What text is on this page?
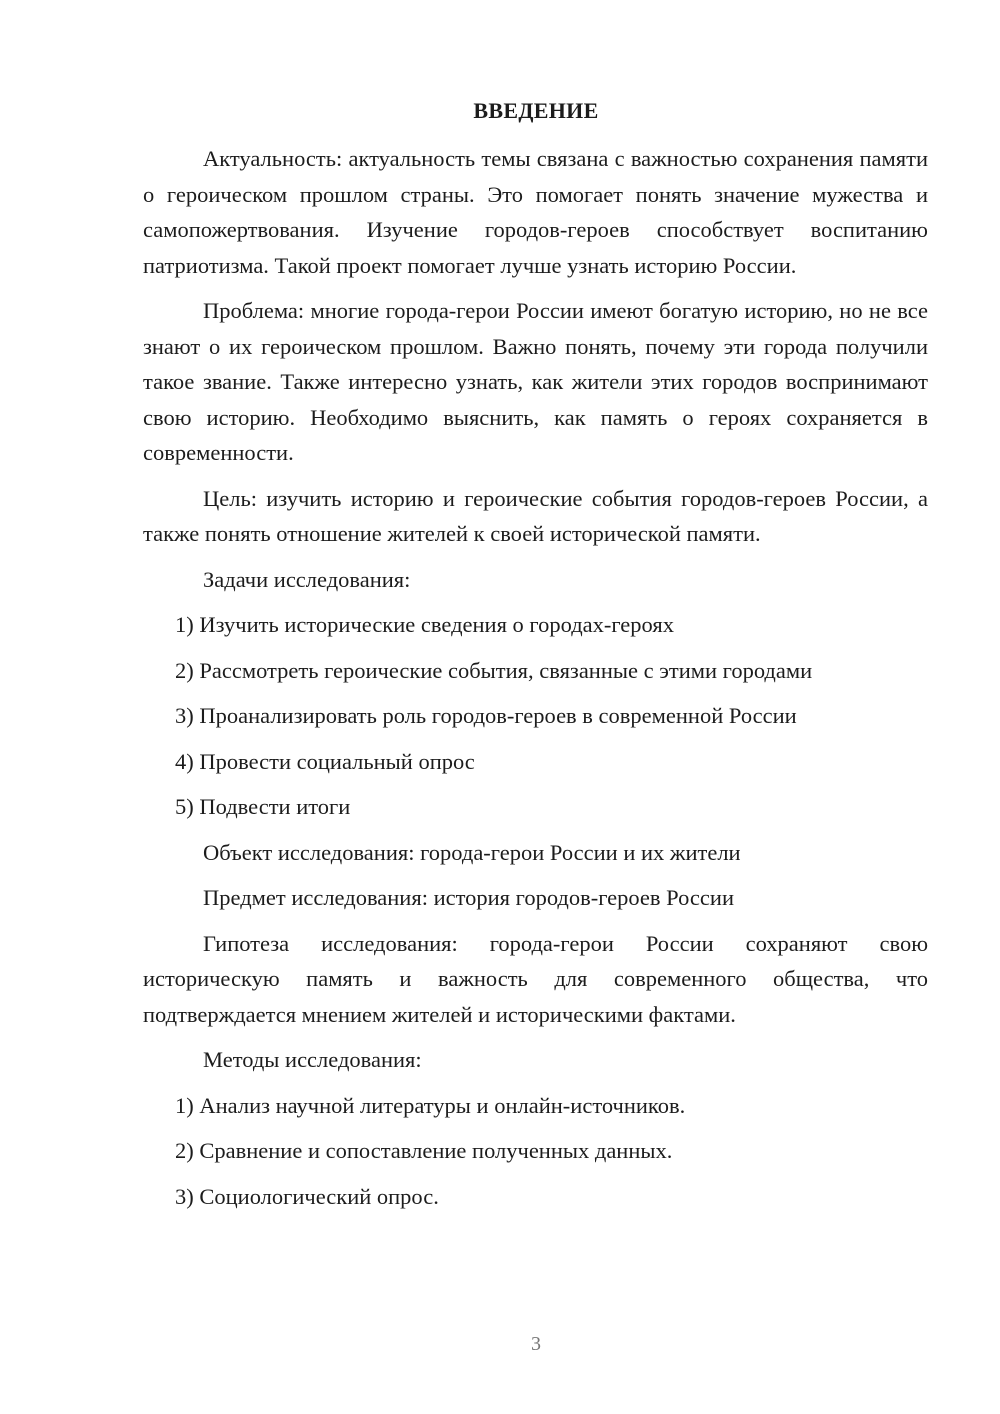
ВВЕДЕНИЕ

Актуальность: актуальность темы связана с важностью сохранения памяти о героическом прошлом страны. Это помогает понять значение мужества и самопожертвования. Изучение городов-героев способствует воспитанию патриотизма. Такой проект помогает лучше узнать историю России.

Проблема: многие города-герои России имеют богатую историю, но не все знают о их героическом прошлом. Важно понять, почему эти города получили такое звание. Также интересно узнать, как жители этих городов воспринимают свою историю. Необходимо выяснить, как память о героях сохраняется в современности.

Цель: изучить историю и героические события городов-героев России, а также понять отношение жителей к своей исторической памяти.

Задачи исследования:

1) Изучить исторические сведения о городах-героях

2) Рассмотреть героические события, связанные с этими городами

3) Проанализировать роль городов-героев в современной России

4) Провести социальный опрос

5) Подвести итоги

Объект исследования: города-герои России и их жители

Предмет исследования: история городов-героев России

Гипотеза исследования: города-герои России сохраняют свою историческую память и важность для современного общества, что подтверждается мнением жителей и историческими фактами.

Методы исследования:

1) Анализ научной литературы и онлайн-источников.

2) Сравнение и сопоставление полученных данных.

3) Социологический опрос.

3
